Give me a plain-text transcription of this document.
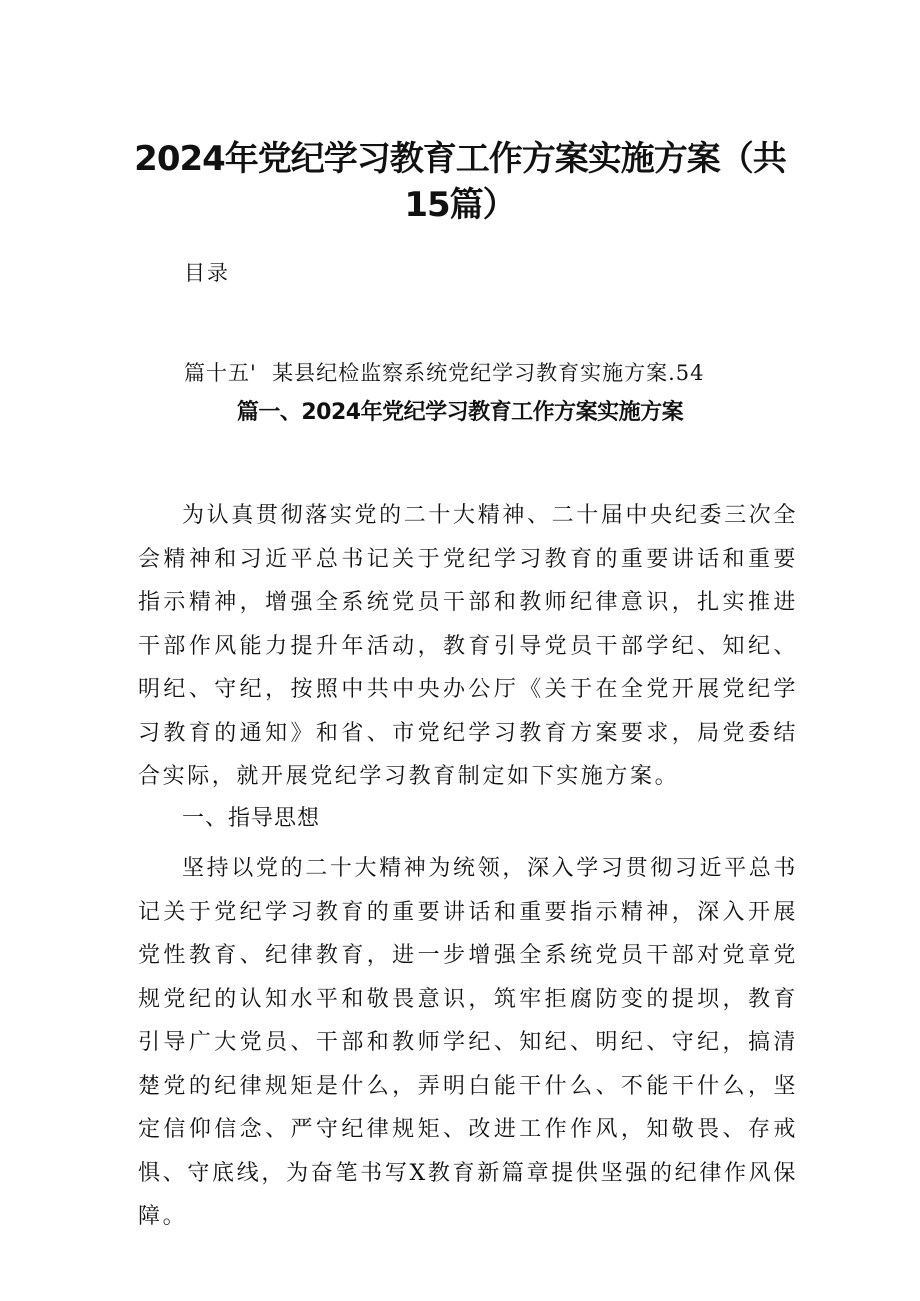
2024年党纪学习教育工作方案实施方案（共
15篇）
目录
篇十五'  某县纪检监察系统党纪学习教育实施方案.54
篇一、2024年党纪学习教育工作方案实施方案

为认真贯彻落实党的二十大精神、二十届中央纪委三次全会精神和习近平总书记关于党纪学习教育的重要讲话和重要指示精神，增强全系统党员干部和教师纪律意识，扎实推进干部作风能力提升年活动，教育引导党员干部学纪、知纪、明纪、守纪，按照中共中央办公厅《关于在全党开展党纪学习教育的通知》和省、市党纪学习教育方案要求，局党委结合实际，就开展党纪学习教育制定如下实施方案。

一、指导思想

坚持以党的二十大精神为统领，深入学习贯彻习近平总书记关于党纪学习教育的重要讲话和重要指示精神，深入开展党性教育、纪律教育，进一步增强全系统党员干部对党章党规党纪的认知水平和敬畏意识，筑牢拒腐防变的提坝，教育引导广大党员、干部和教师学纪、知纪、明纪、守纪，搞清楚党的纪律规矩是什么，弄明白能干什么、不能干什么，坚定信仰信念、严守纪律规矩、改进工作作风，知敬畏、存戒惧、守底线，为奋笔书写X教育新篇章提供坚强的纪律作风保障。
